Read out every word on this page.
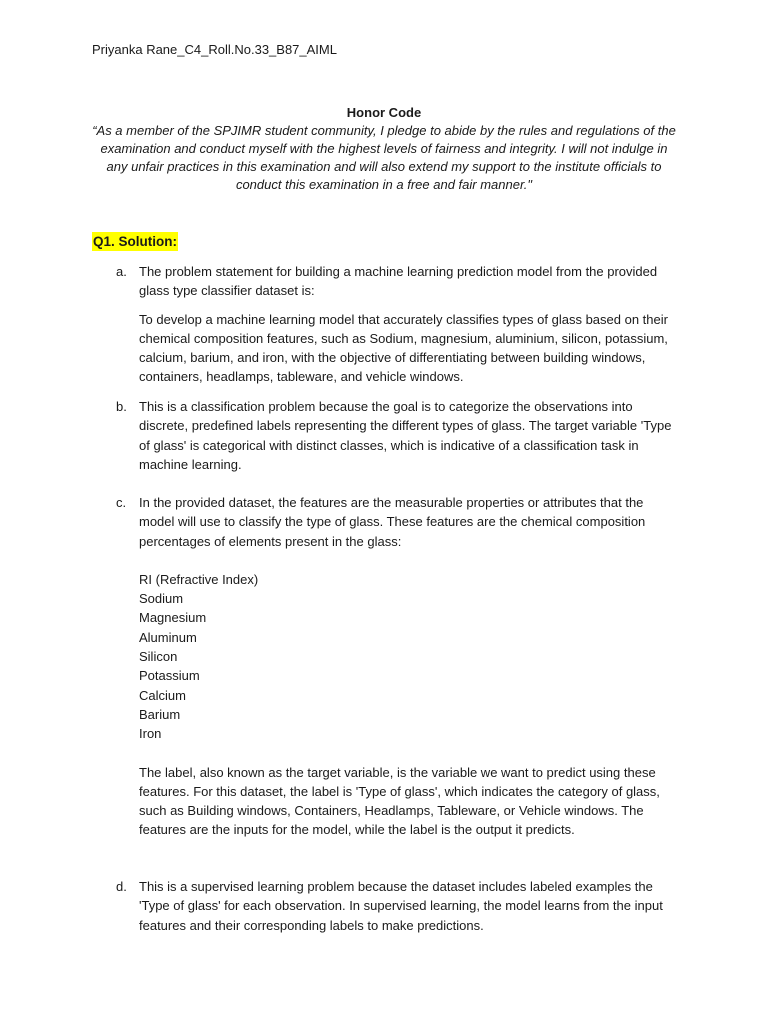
Priyanka Rane_C4_Roll.No.33_B87_AIML
Honor Code
“As a member of the SPJIMR student community, I pledge to abide by the rules and regulations of the examination and conduct myself with the highest levels of fairness and integrity. I will not indulge in any unfair practices in this examination and will also extend my support to the institute officials to conduct this examination in a free and fair manner."
Q1. Solution:
a. The problem statement for building a machine learning prediction model from the provided glass type classifier dataset is:

To develop a machine learning model that accurately classifies types of glass based on their chemical composition features, such as Sodium, magnesium, aluminium, silicon, potassium, calcium, barium, and iron, with the objective of differentiating between building windows, containers, headlamps, tableware, and vehicle windows.

b. This is a classification problem because the goal is to categorize the observations into discrete, predefined labels representing the different types of glass. The target variable 'Type of glass' is categorical with distinct classes, which is indicative of a classification task in machine learning.

c. In the provided dataset, the features are the measurable properties or attributes that the model will use to classify the type of glass. These features are the chemical composition percentages of elements present in the glass:

RI (Refractive Index)
Sodium
Magnesium
Aluminum
Silicon
Potassium
Calcium
Barium
Iron

The label, also known as the target variable, is the variable we want to predict using these features. For this dataset, the label is 'Type of glass', which indicates the category of glass, such as Building windows, Containers, Headlamps, Tableware, or Vehicle windows. The features are the inputs for the model, while the label is the output it predicts.

d. This is a supervised learning problem because the dataset includes labeled examples the 'Type of glass' for each observation. In supervised learning, the model learns from the input features and their corresponding labels to make predictions.
